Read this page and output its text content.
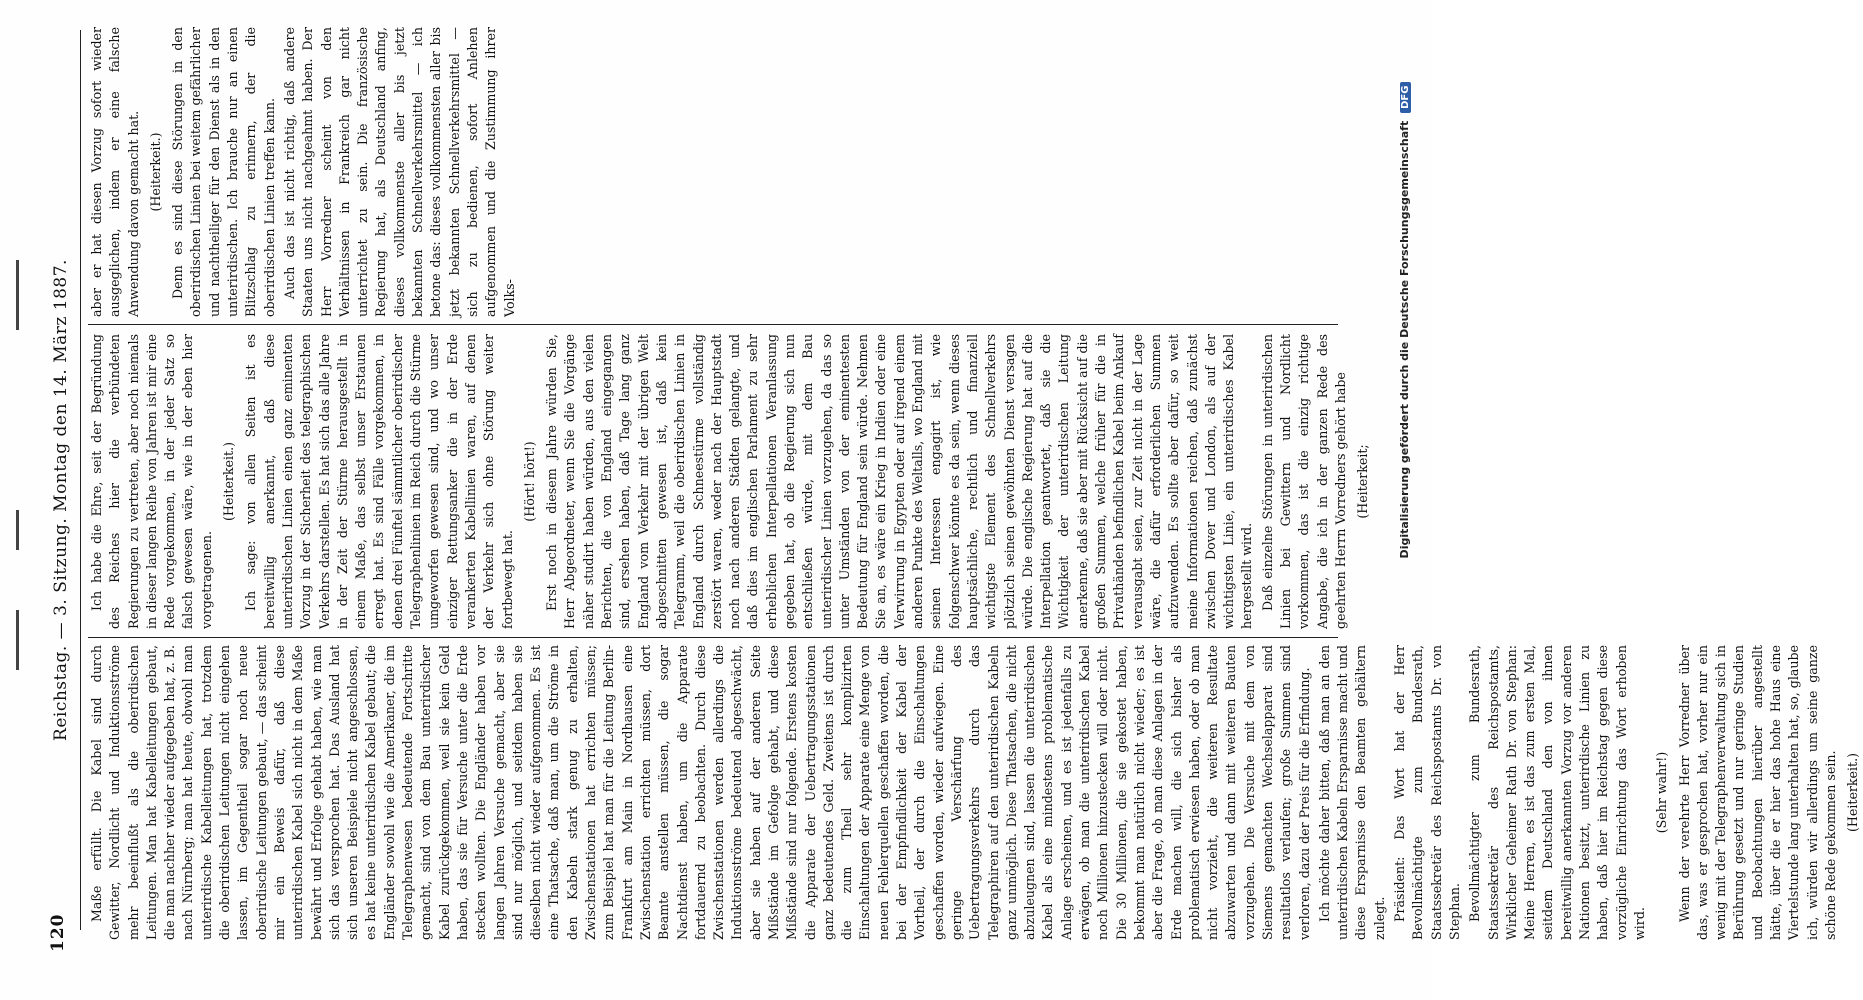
120
Reichstag. — 3. Sitzung. Montag den 14. März 1887.

Maße erfüllt. Die Kabel sind durch Gewitter, Nordlicht und Induktionsströme mehr beeinflußt als die oberirdischen Leitungen. Man hat Kabelleitungen gebaut, die man nachher wieder aufgegeben hat, z. B. nach Nürnberg; man hat heute, obwohl man unterirdische Kabelleitungen hat, trotzdem die oberirdischen Leitungen nicht eingehen lassen, im Gegentheil sogar noch neue oberirdische Leitungen gebaut, — das scheint mir ein Beweis dafür, daß diese unterirdischen Kabel sich nicht in dem Maße bewährt und Erfolge gehabt haben, wie man sich das versprochen hat. Das Ausland hat sich unseren Beispiele nicht angeschlossen, es hat keine unterirdischen Kabel gebaut; die Engländer sowohl wie die Amerikaner, die im Telegraphenwesen bedeutende Fortschritte gemacht, sind von dem Bau unterirdischer Kabel zurückgekommen, weil sie kein Geld haben, das sie für Versuche unter die Erde stecken wollten. Die Engländer haben vor langen Jahren Versuche gemacht, aber sie sind nur möglich, und seitdem haben sie dieselben nicht wieder aufgenommen. Es ist eine Thatsache, daß man, um die Ströme in den Kabeln stark genug zu erhalten, Zwischenstationen hat errichten müssen; zum Beispiel hat man für die Leitung Berlin-Frankfurt am Main in Nordhausen eine Zwischenstation errichten müssen, dort Beamte anstellen müssen, die sogar Nachtdienst haben, um die Apparate fortdauernd zu beobachten. Durch diese Zwischenstationen werden allerdings die Induktionsströme bedeutend abgeschwächt, aber sie haben auf der anderen Seite Mißstände im Gefolge gehabt, und diese Mißstände sind nur folgende. Erstens kosten die Apparate der Uebertragungsstationen ganz bedeutendes Geld. Zweitens ist durch die zum Theil sehr komplizirten Einschaltungen der Apparate eine Menge von neuen Fehlerquellen geschaffen worden, die bei der Empfindlichkeit der Kabel der Vortheil, der durch die Einschaltungen geschaffen worden, wieder aufwiegen. Eine geringe Verschärfung des Uebertragungsverkehrs durch das Telegraphiren auf den unterirdischen Kabeln ganz unmöglich. Diese Thatsachen, die nicht abzuleugnen sind, lassen die unterirdischen Kabel als eine mindestens problematische Anlage erscheinen, und es ist jedenfalls zu erwägen, ob man die unterirdischen Kabel noch Millionen hinzustecken will oder nicht. Die 30 Millionen, die sie gekostet haben, bekommt man natürlich nicht wieder; es ist aber die Frage, ob man diese Anlagen in der Erde machen will, die sich bisher als problematisch erwiesen haben, oder ob man nicht vorzieht, die weiteren Resultate abzuwarten und dann mit weiteren Bauten vorzugehen. Die Versuche mit dem von Siemens gemachten Wechselapparat sind resultatlos verlaufen; große Summen sind verloren, dazu der Preis für die Erfindung. Ich möchte daher bitten, daß man an den unterirdischen Kabeln Ersparnisse macht und diese Ersparnisse den Beamten gehältern zulegt. Präsident: Das Wort hat der Herr Bevollmächtigte zum Bundesrath, Staatssekretär des Reichspostamts Dr. von Stephan. Bevollmächtigter zum Bundesrath, Staatssekretär des Reichspostamts, Wirklicher Geheimer Rath Dr. von Stephan: Meine Herren, es ist das zum ersten Mal, seitdem Deutschland den von ihnen bereitwillig anerkannten Vorzug vor anderen Nationen besitzt, unterirdische Linien zu haben, daß hier im Reichstag gegen diese vorzügliche Einrichtung das Wort erhoben wird.

(Sehr wahr!) Wenn der verehrte Herr Vorredner über das, was er gesprochen hat, vorher nur ein wenig mit der Telegraphenverwaltung sich in Berührung gesetzt und nur geringe Studien und Beobachtungen hierüber angestellt hätte, über die er hier das hohe Haus eine Viertelstunde lang unterhalten hat, so, glaube ich, würden wir allerdings um seine ganze schöne Rede gekommen sein. (Heiterkeit.)

Ich habe die Ehre, seit der Begründung des Reiches hier die verbündeten Regierungen zu vertreten, aber noch niemals in dieser langen Reihe von Jahren ist mir eine Rede vorgekommen, in der jeder Satz so falsch gewesen wäre, wie in der eben hier vorgetragenen.

(Heiterkeit.) Ich sage: von allen Seiten ist es bereitwillig anerkannt, daß diese unterirdischen Linien einen ganz eminenten Vorzug in der Sicherheit des telegraphischen Verkehrs darstellen. Es hat sich das alle Jahre in der Zeit der Stürme herausgestellt in einem Maße, das selbst unser Erstaunen erregt hat. Es sind Fälle vorgekommen, in denen drei Fünftel sämmtlicher oberirdischer Telegraphenlinien im Reich durch die Stürme umgeworfen gewesen sind, und wo unser einziger Rettungsanker die in der Erde verankerten Kabellinien waren, auf denen der Verkehr sich ohne Störung weiter fortbewegt hat.

(Hört! hört!) Erst noch in diesem Jahre würden Sie, Herr Abgeordneter, wenn Sie die Vorgänge näher studirt haben würden, aus den vielen Berichten, die von England eingegangen sind, ersehen haben, daß Tage lang ganz England vom Verkehr mit der übrigen Welt abgeschnitten gewesen ist, daß kein Telegramm, weil die oberirdischen Linien in England durch Schneestürme vollständig zerstört waren, weder nach der Hauptstadt noch nach anderen Städten gelangte, und daß dies im englischen Parlament zu sehr erheblichen Interpellationen Veranlassung gegeben hat, ob die Regierung sich nun entschließen würde, mit dem Bau unterirdischer Linien vorzugehen, da das so unter Umständen von der eminentesten Bedeutung für England sein würde. Nehmen Sie an, es wäre ein Krieg in Indien oder eine Verwirrung in Egypten oder auf irgend einem anderen Punkte des Weltalls, wo England mit seinen Interessen engagirt ist, wie folgenschwer könnte es da sein, wenn dieses hauptsächliche, rechtlich und finanziell wichtigste Element des Schnellverkehrs plötzlich seinen gewöhnten Dienst versagen würde. Die englische Regierung hat auf die Interpellation geantwortet, daß sie die Wichtigkeit der unterirdischen Leitung anerkenne, daß sie aber mit Rücksicht auf die großen Summen, welche früher für die in Privathänden befindlichen Kabel beim Ankauf verausgabt seien, zur Zeit nicht in der Lage wäre, die dafür erforderlichen Summen aufzuwenden. Es sollte aber dafür, so weit meine Informationen reichen, daß zunächst zwischen Dover und London, als auf der wichtigsten Linie, ein unterirdisches Kabel hergestellt wird. Daß einzelne Störungen in unterirdischen Linien bei Gewittern und Nordlicht vorkommen, das ist die einzig richtige Angabe, die ich in der ganzen Rede des geehrten Herrn Vorredners gehört habe (Heiterkeit;

aber er hat diesen Vorzug sofort wieder ausgeglichen, indem er eine falsche Anwendung davon gemacht hat. (Heiterkeit.) Denn es sind diese Störungen in den oberirdischen Linien bei weitem gefährlicher und nachtheiliger für den Dienst als in den unterirdischen. Ich brauche nur an einen Blitzschlag zu erinnern, der die oberirdischen Linien treffen kann. Auch das ist nicht richtig, daß andere Staaten uns nicht nachgeahmt haben. Der Herr Vorredner scheint von den Verhältnissen in Frankreich gar nicht unterrichtet zu sein. Die französische Regierung hat, als Deutschland anfing, dieses vollkommenste aller bis jetzt bekannten Schnellverkehrsmittel — ich betone das: dieses vollkommensten aller bis jetzt bekannten Schnellverkehrsmittel — sich zu bedienen, sofort Anlehen aufgenommen und die Zustimmung ihrer Volks-	Digitalisierung gefördert durch die Deutsche Forschungsgemeinschaft DFG
